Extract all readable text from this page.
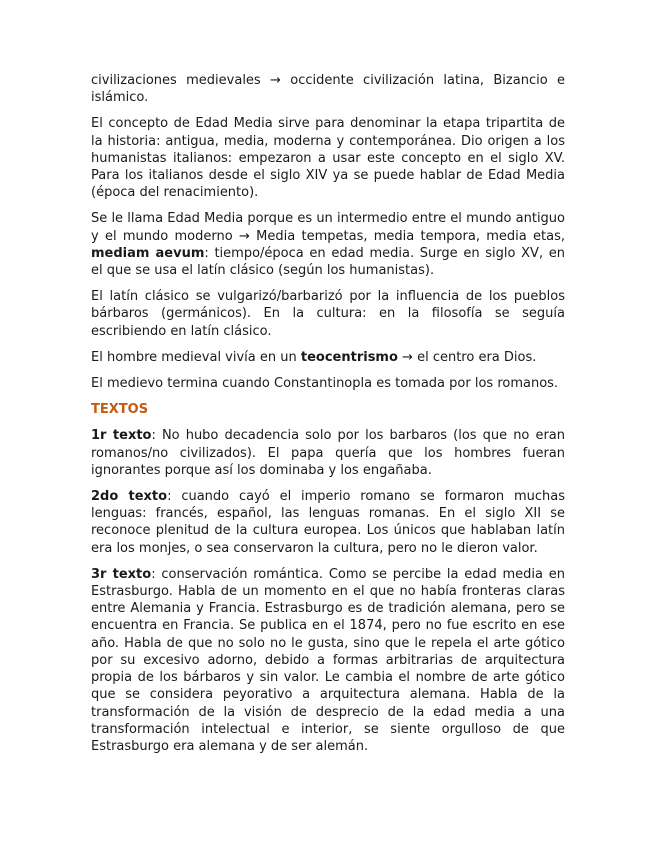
civilizaciones medievales → occidente civilización latina, Bizancio e islámico.

El concepto de Edad Media sirve para denominar la etapa tripartita de la historia: antigua, media, moderna y contemporánea. Dio origen a los humanistas italianos: empezaron a usar este concepto en el siglo XV. Para los italianos desde el siglo XIV ya se puede hablar de Edad Media (época del renacimiento).

Se le llama Edad Media porque es un intermedio entre el mundo antiguo y el mundo moderno → Media tempetas, media tempora, media etas, mediam aevum: tiempo/época en edad media. Surge en siglo XV, en el que se usa el latín clásico (según los humanistas).

El latín clásico se vulgarizó/barbarizó por la influencia de los pueblos bárbaros (germánicos). En la cultura: en la filosofía se seguía escribiendo en latín clásico.

El hombre medieval vivía en un teocentrismo → el centro era Dios.

El medievo termina cuando Constantinopla es tomada por los romanos.

TEXTOS

1r texto: No hubo decadencia solo por los barbaros (los que no eran romanos/no civilizados). El papa quería que los hombres fueran ignorantes porque así los dominaba y los engañaba.

2do texto: cuando cayó el imperio romano se formaron muchas lenguas: francés, español, las lenguas romanas. En el siglo XII se reconoce plenitud de la cultura europea. Los únicos que hablaban latín era los monjes, o sea conservaron la cultura, pero no le dieron valor.

3r texto: conservación romántica. Como se percibe la edad media en Estrasburgo. Habla de un momento en el que no había fronteras claras entre Alemania y Francia. Estrasburgo es de tradición alemana, pero se encuentra en Francia. Se publica en el 1874, pero no fue escrito en ese año. Habla de que no solo no le gusta, sino que le repela el arte gótico por su excesivo adorno, debido a formas arbitrarias de arquitectura propia de los bárbaros y sin valor. Le cambia el nombre de arte gótico que se considera peyorativo a arquitectura alemana. Habla de la transformación de la visión de desprecio de la edad media a una transformación intelectual e interior, se siente orgulloso de que Estrasburgo era alemana y de ser alemán.
